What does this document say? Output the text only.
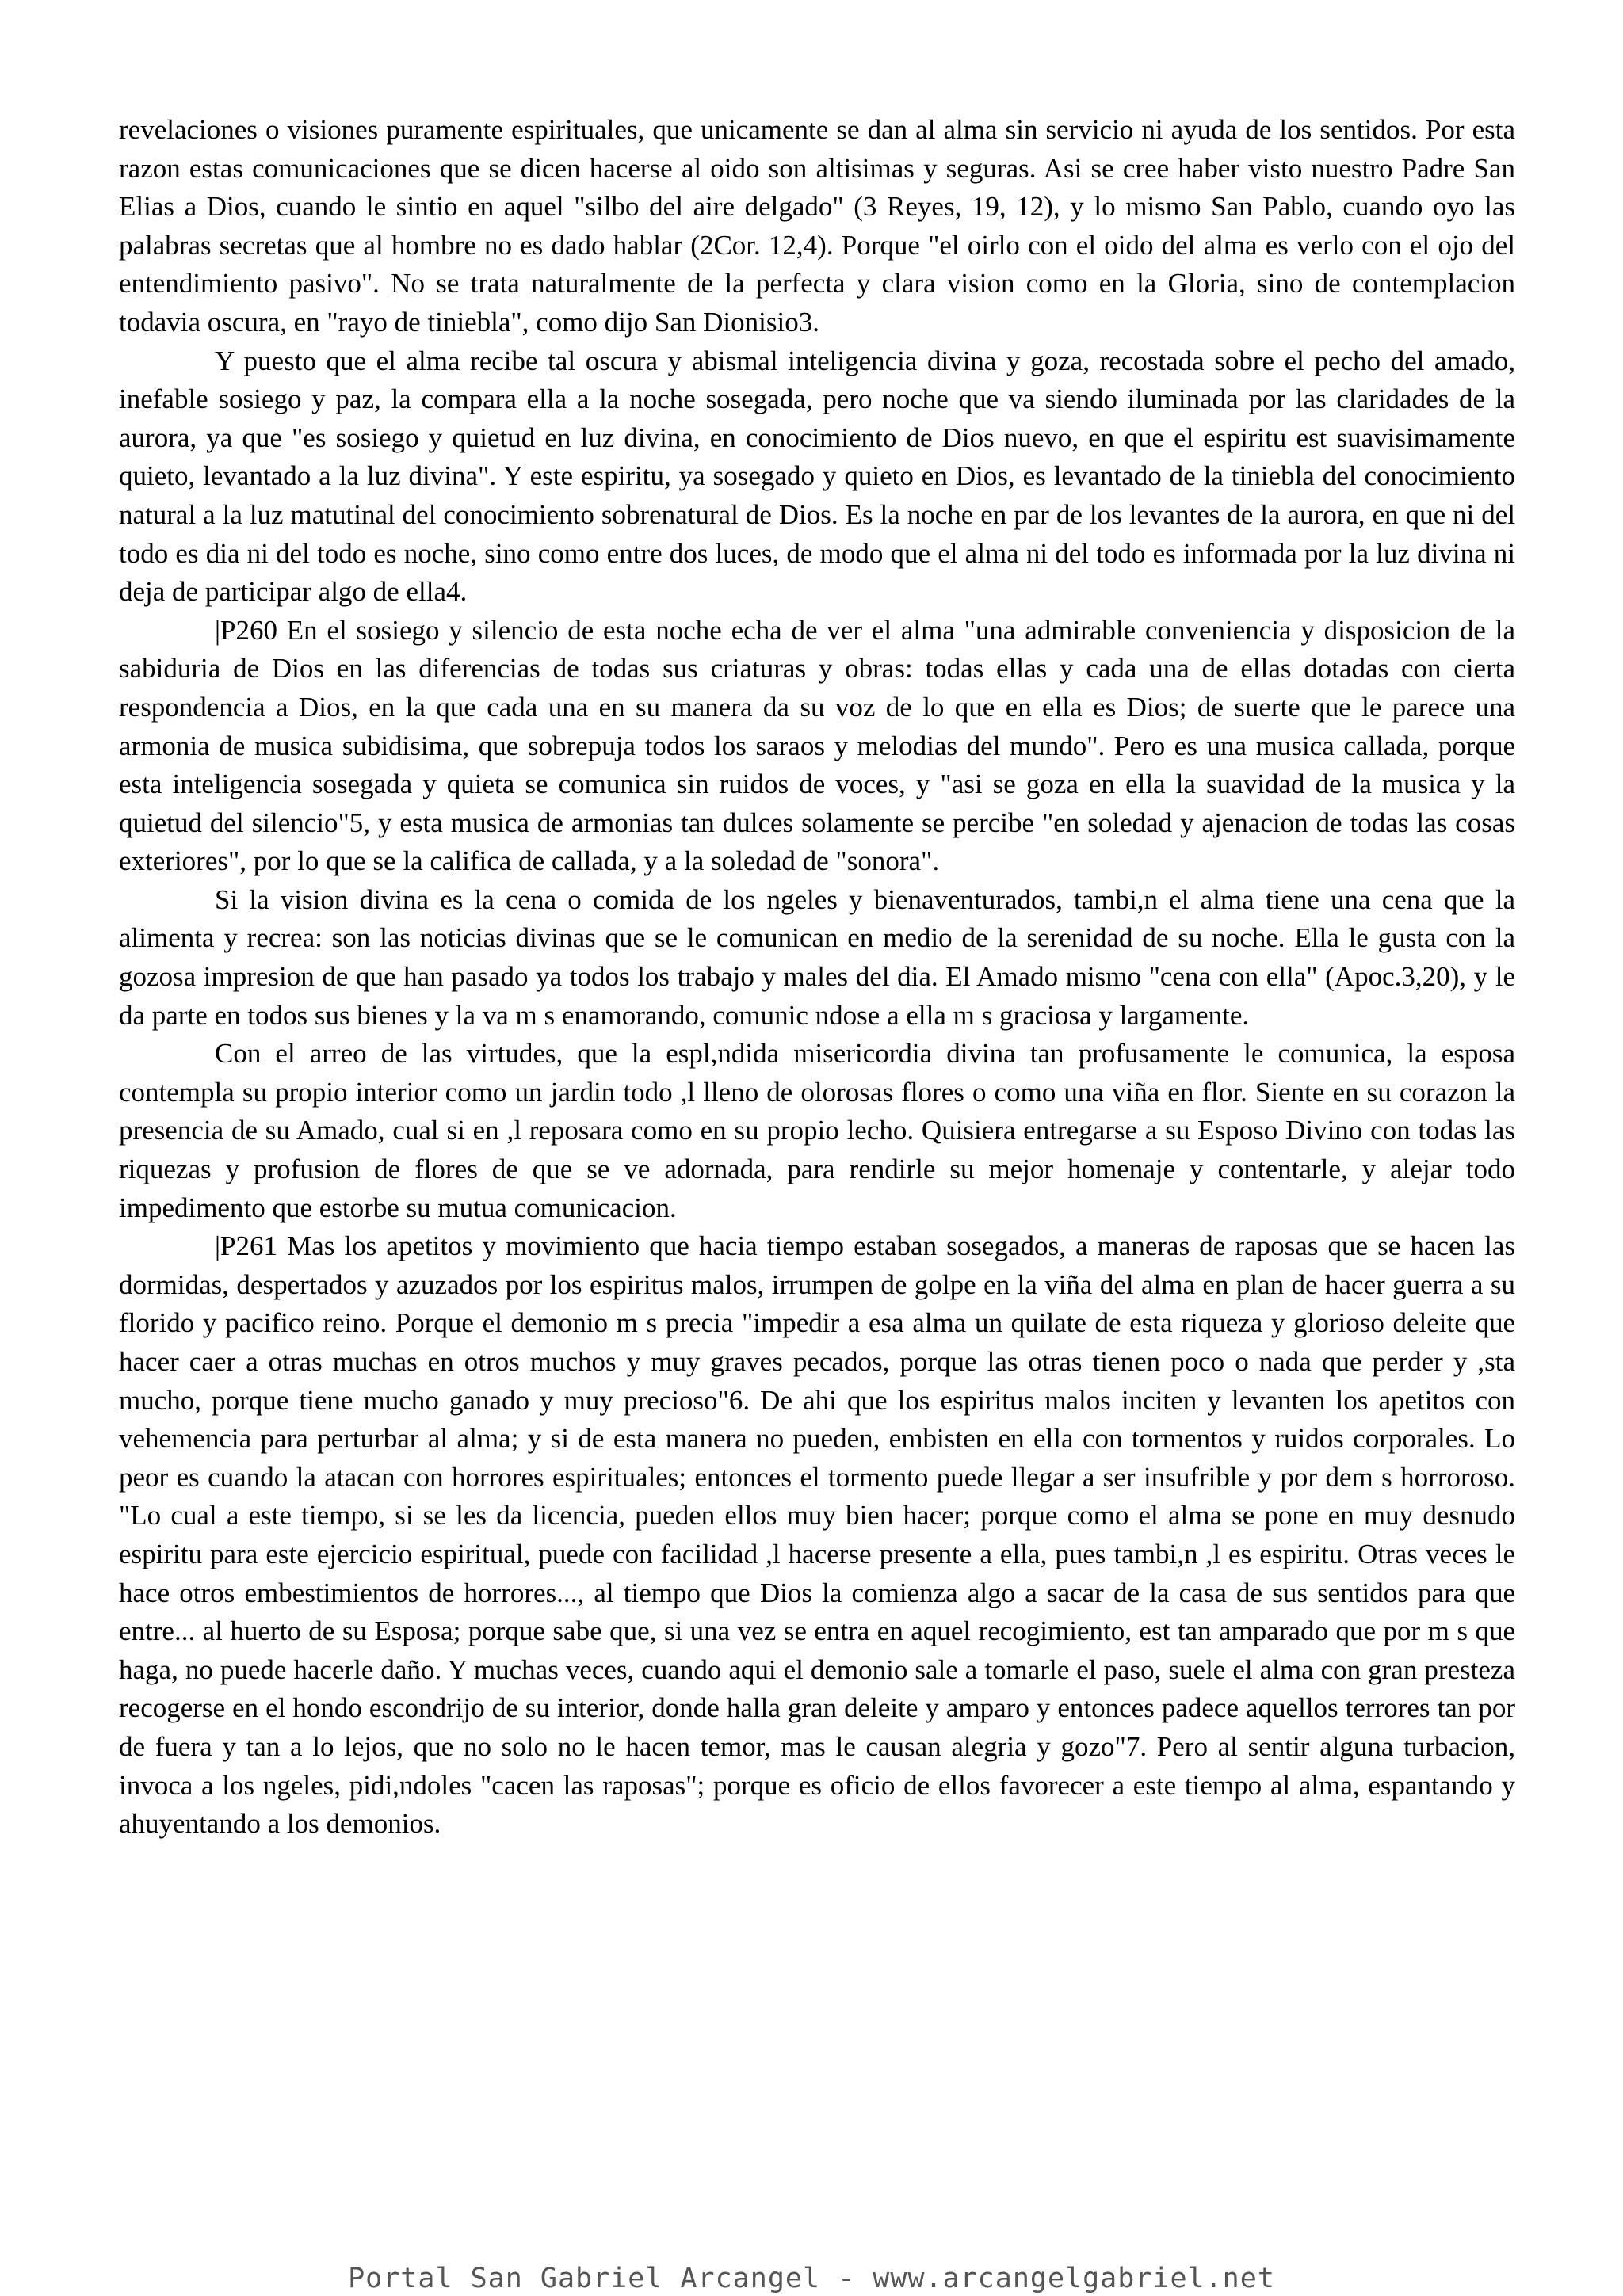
revelaciones o visiones puramente espirituales, que unicamente se dan al alma sin servicio ni ayuda de los sentidos. Por esta razon estas comunicaciones que se dicen hacerse al oido son altisimas y seguras. Asi se cree haber visto nuestro Padre San Elias a Dios, cuando le sintio en aquel "silbo del aire delgado" (3 Reyes, 19, 12), y lo mismo San Pablo, cuando oyo las palabras secretas que al hombre no es dado hablar (2Cor. 12,4). Porque "el oirlo con el oido del alma es verlo con el ojo del entendimiento pasivo". No se trata naturalmente de la perfecta y clara vision como en la Gloria, sino de contemplacion todavia oscura, en "rayo de tiniebla", como dijo San Dionisio3.

Y puesto que el alma recibe tal oscura y abismal inteligencia divina y goza, recostada sobre el pecho del amado, inefable sosiego y paz, la compara ella a la noche sosegada, pero noche que va siendo iluminada por las claridades de la aurora, ya que "es sosiego y quietud en luz divina, en conocimiento de Dios nuevo, en que el espiritu est suavisimamente quieto, levantado a la luz divina". Y este espiritu, ya sosegado y quieto en Dios, es levantado de la tiniebla del conocimiento natural a la luz matutinal del conocimiento sobrenatural de Dios. Es la noche en par de los levantes de la aurora, en que ni del todo es dia ni del todo es noche, sino como entre dos luces, de modo que el alma ni del todo es informada por la luz divina ni deja de participar algo de ella4.

|P260 En el sosiego y silencio de esta noche echa de ver el alma "una admirable conveniencia y disposicion de la sabiduria de Dios en las diferencias de todas sus criaturas y obras: todas ellas y cada una de ellas dotadas con cierta respondencia a Dios, en la que cada una en su manera da su voz de lo que en ella es Dios; de suerte que le parece una armonia de musica subidisima, que sobrepuja todos los saraos y melodias del mundo". Pero es una musica callada, porque esta inteligencia sosegada y quieta se comunica sin ruidos de voces, y "asi se goza en ella la suavidad de la musica y la quietud del silencio"5, y esta musica de armonias tan dulces solamente se percibe "en soledad y ajenacion de todas las cosas exteriores", por lo que se la califica de callada, y a la soledad de "sonora".

Si la vision divina es la cena o comida de los ngeles y bienaventurados, tambi,n el alma tiene una cena que la alimenta y recrea: son las noticias divinas que se le comunican en medio de la serenidad de su noche. Ella le gusta con la gozosa impresion de que han pasado ya todos los trabajo y males del dia. El Amado mismo "cena con ella" (Apoc.3,20), y le da parte en todos sus bienes y la va m s enamorando, comunic ndose a ella m s graciosa y largamente.

Con el arreo de las virtudes, que la espl,ndida misericordia divina tan profusamente le comunica, la esposa contempla su propio interior como un jardin todo ,l lleno de olorosas flores o como una viña en flor. Siente en su corazon la presencia de su Amado, cual si en ,l reposara como en su propio lecho. Quisiera entregarse a su Esposo Divino con todas las riquezas y profusion de flores de que se ve adornada, para rendirle su mejor homenaje y contentarle, y alejar todo impedimento que estorbe su mutua comunicacion.

|P261 Mas los apetitos y movimiento que hacia tiempo estaban sosegados, a maneras de raposas que se hacen las dormidas, despertados y azuzados por los espiritus malos, irrumpen de golpe en la viña del alma en plan de hacer guerra a su florido y pacifico reino. Porque el demonio m s precia "impedir a esa alma un quilate de esta riqueza y glorioso deleite que hacer caer a otras muchas en otros muchos y muy graves pecados, porque las otras tienen poco o nada que perder y ,sta mucho, porque tiene mucho ganado y muy precioso"6. De ahi que los espiritus malos inciten y levanten los apetitos con vehemencia para perturbar al alma; y si de esta manera no pueden, embisten en ella con tormentos y ruidos corporales. Lo peor es cuando la atacan con horrores espirituales; entonces el tormento puede llegar a ser insufrible y por dem s horroroso. "Lo cual a este tiempo, si se les da licencia, pueden ellos muy bien hacer; porque como el alma se pone en muy desnudo espiritu para este ejercicio espiritual, puede con facilidad ,l hacerse presente a ella, pues tambi,n ,l es espiritu. Otras veces le hace otros embestimientos de horrores..., al tiempo que Dios la comienza algo a sacar de la casa de sus sentidos para que entre... al huerto de su Esposa; porque sabe que, si una vez se entra en aquel recogimiento, est tan amparado que por m s que haga, no puede hacerle daño. Y muchas veces, cuando aqui el demonio sale a tomarle el paso, suele el alma con gran presteza recogerse en el hondo escondrijo de su interior, donde halla gran deleite y amparo y entonces padece aquellos terrores tan por de fuera y tan a lo lejos, que no solo no le hacen temor, mas le causan alegria y gozo"7. Pero al sentir alguna turbacion, invoca a los ngeles, pidi,ndoles "cacen las raposas"; porque es oficio de ellos favorecer a este tiempo al alma, espantando y ahuyentando a los demonios.

Portal San Gabriel Arcangel - www.arcangelgabriel.net
